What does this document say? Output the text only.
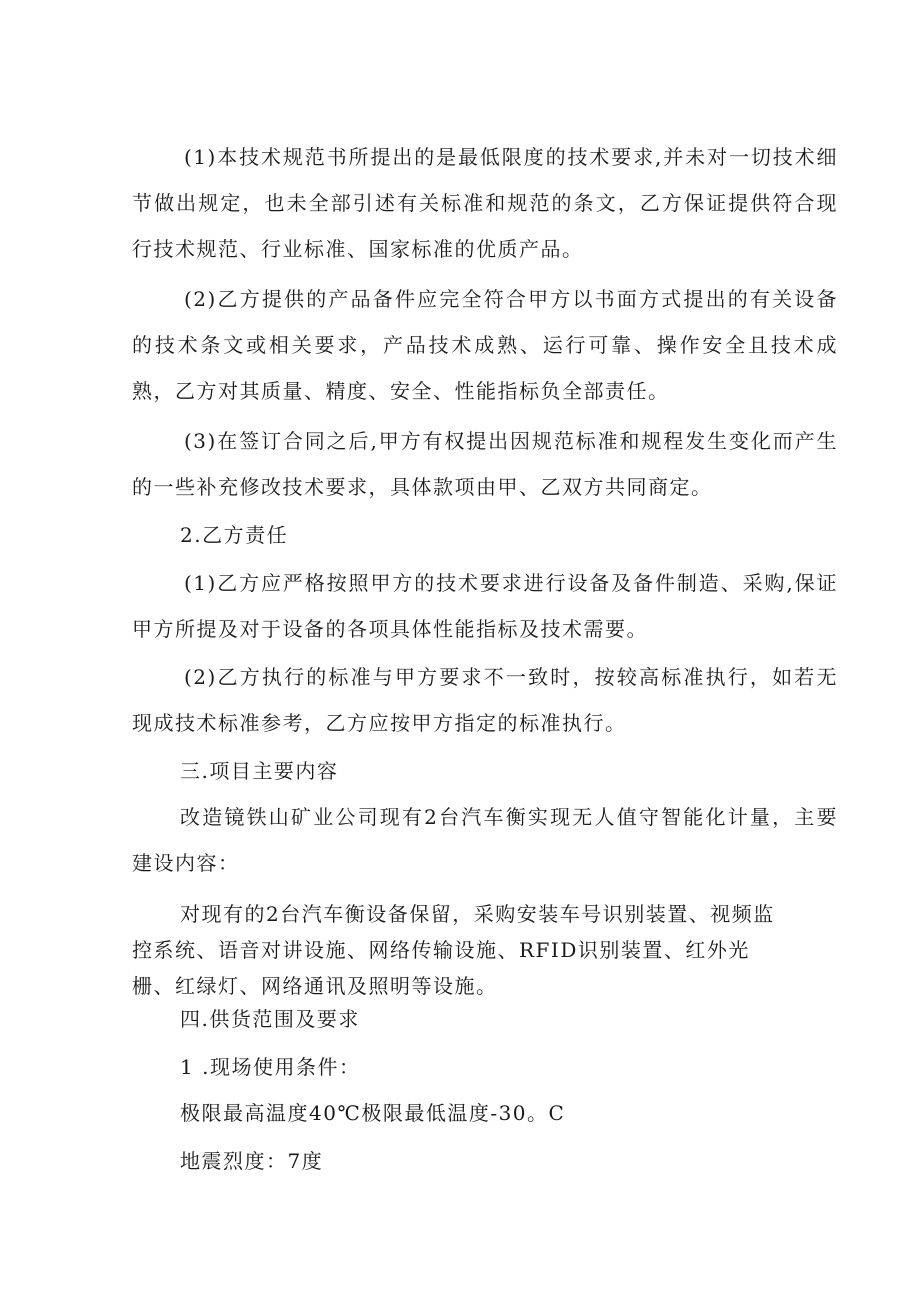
(1)本技术规范书所提出的是最低限度的技术要求,并未对一切技术细节做出规定，也未全部引述有关标准和规范的条文，乙方保证提供符合现行技术规范、行业标准、国家标准的优质产品。

(2)乙方提供的产品备件应完全符合甲方以书面方式提出的有关设备的技术条文或相关要求，产品技术成熟、运行可靠、操作安全且技术成熟，乙方对其质量、精度、安全、性能指标负全部责任。

(3)在签订合同之后,甲方有权提出因规范标准和规程发生变化而产生的一些补充修改技术要求，具体款项由甲、乙双方共同商定。

2.乙方责任

(1)乙方应严格按照甲方的技术要求进行设备及备件制造、采购,保证甲方所提及对于设备的各项具体性能指标及技术需要。

(2)乙方执行的标准与甲方要求不一致时，按较高标准执行，如若无现成技术标准参考，乙方应按甲方指定的标准执行。

三.项目主要内容

改造镜铁山矿业公司现有2台汽车衡实现无人值守智能化计量，主要建设内容：

对现有的2台汽车衡设备保留，采购安装车号识别装置、视频监
控系统、语音对讲设施、网络传输设施、RFID识别装置、红外光
栅、红绿灯、网络通讯及照明等设施。

四.供货范围及要求

1 .现场使用条件：

极限最高温度40℃极限最低温度-30。C

地震烈度：7度
